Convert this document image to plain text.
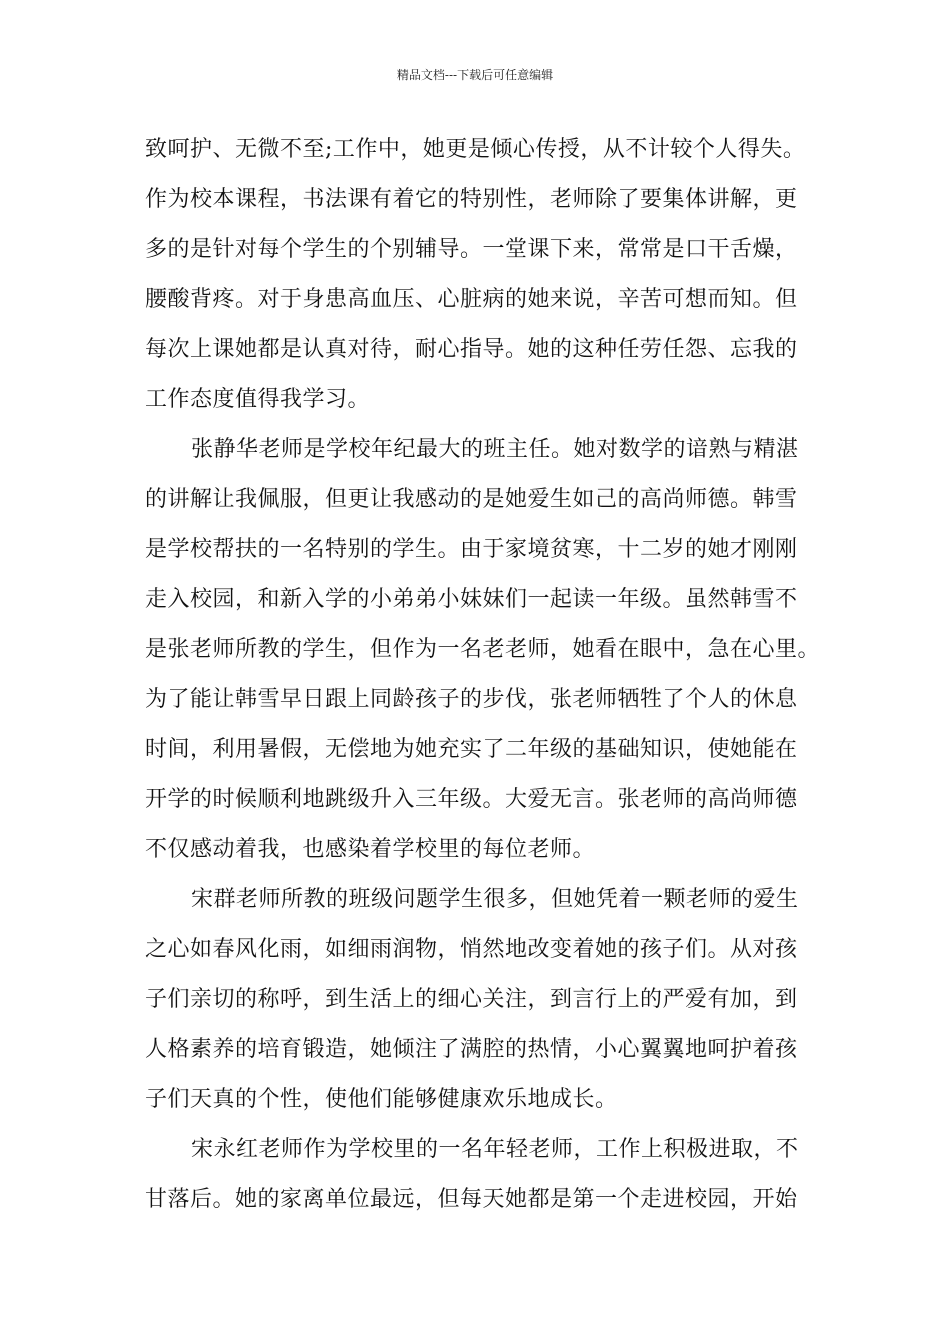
精品文档---下载后可任意编辑
致呵护、无微不至;工作中，她更是倾心传授，从不计较个人得失。
作为校本课程，书法课有着它的特别性，老师除了要集体讲解，更
多的是针对每个学生的个别辅导。一堂课下来，常常是口干舌燥，
腰酸背疼。对于身患高血压、心脏病的她来说，辛苦可想而知。但
每次上课她都是认真对待，耐心指导。她的这种任劳任怨、忘我的
工作态度值得我学习。
张静华老师是学校年纪最大的班主任。她对数学的谙熟与精湛
的讲解让我佩服，但更让我感动的是她爱生如己的高尚师德。韩雪
是学校帮扶的一名特别的学生。由于家境贫寒，十二岁的她才刚刚
走入校园，和新入学的小弟弟小妹妹们一起读一年级。虽然韩雪不
是张老师所教的学生，但作为一名老老师，她看在眼中，急在心里。
为了能让韩雪早日跟上同龄孩子的步伐，张老师牺牲了个人的休息
时间，利用暑假，无偿地为她充实了二年级的基础知识，使她能在
开学的时候顺利地跳级升入三年级。大爱无言。张老师的高尚师德
不仅感动着我，也感染着学校里的每位老师。
宋群老师所教的班级问题学生很多，但她凭着一颗老师的爱生
之心如春风化雨，如细雨润物，悄然地改变着她的孩子们。从对孩
子们亲切的称呼，到生活上的细心关注，到言行上的严爱有加，到
人格素养的培育锻造，她倾注了满腔的热情，小心翼翼地呵护着孩
子们天真的个性，使他们能够健康欢乐地成长。
宋永红老师作为学校里的一名年轻老师，工作上积极进取，不
甘落后。她的家离单位最远，但每天她都是第一个走进校园，开始
